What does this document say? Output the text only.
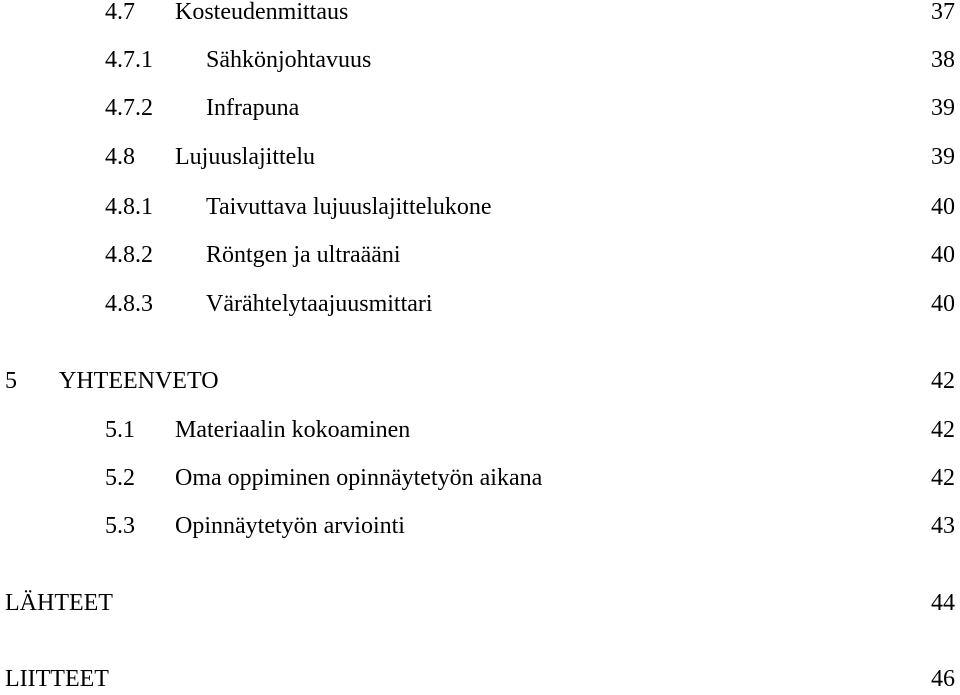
4.7 Kosteudenmittaus	37
4.7.1 Sähkönjohtavuus	38
4.7.2 Infrapuna	39
4.8 Lujuuslajittelu	39
4.8.1 Taivuttava lujuuslajittelukone	40
4.8.2 Röntgen ja ultraääni	40
4.8.3 Värähtelytaajuusmittari	40
5 YHTEENVETO	42
5.1 Materiaalin kokoaminen	42
5.2 Oma oppiminen opinnäytetyön aikana	42
5.3 Opinnäytetyön arviointi	43
LÄHTEET	44
LIITTEET	46
